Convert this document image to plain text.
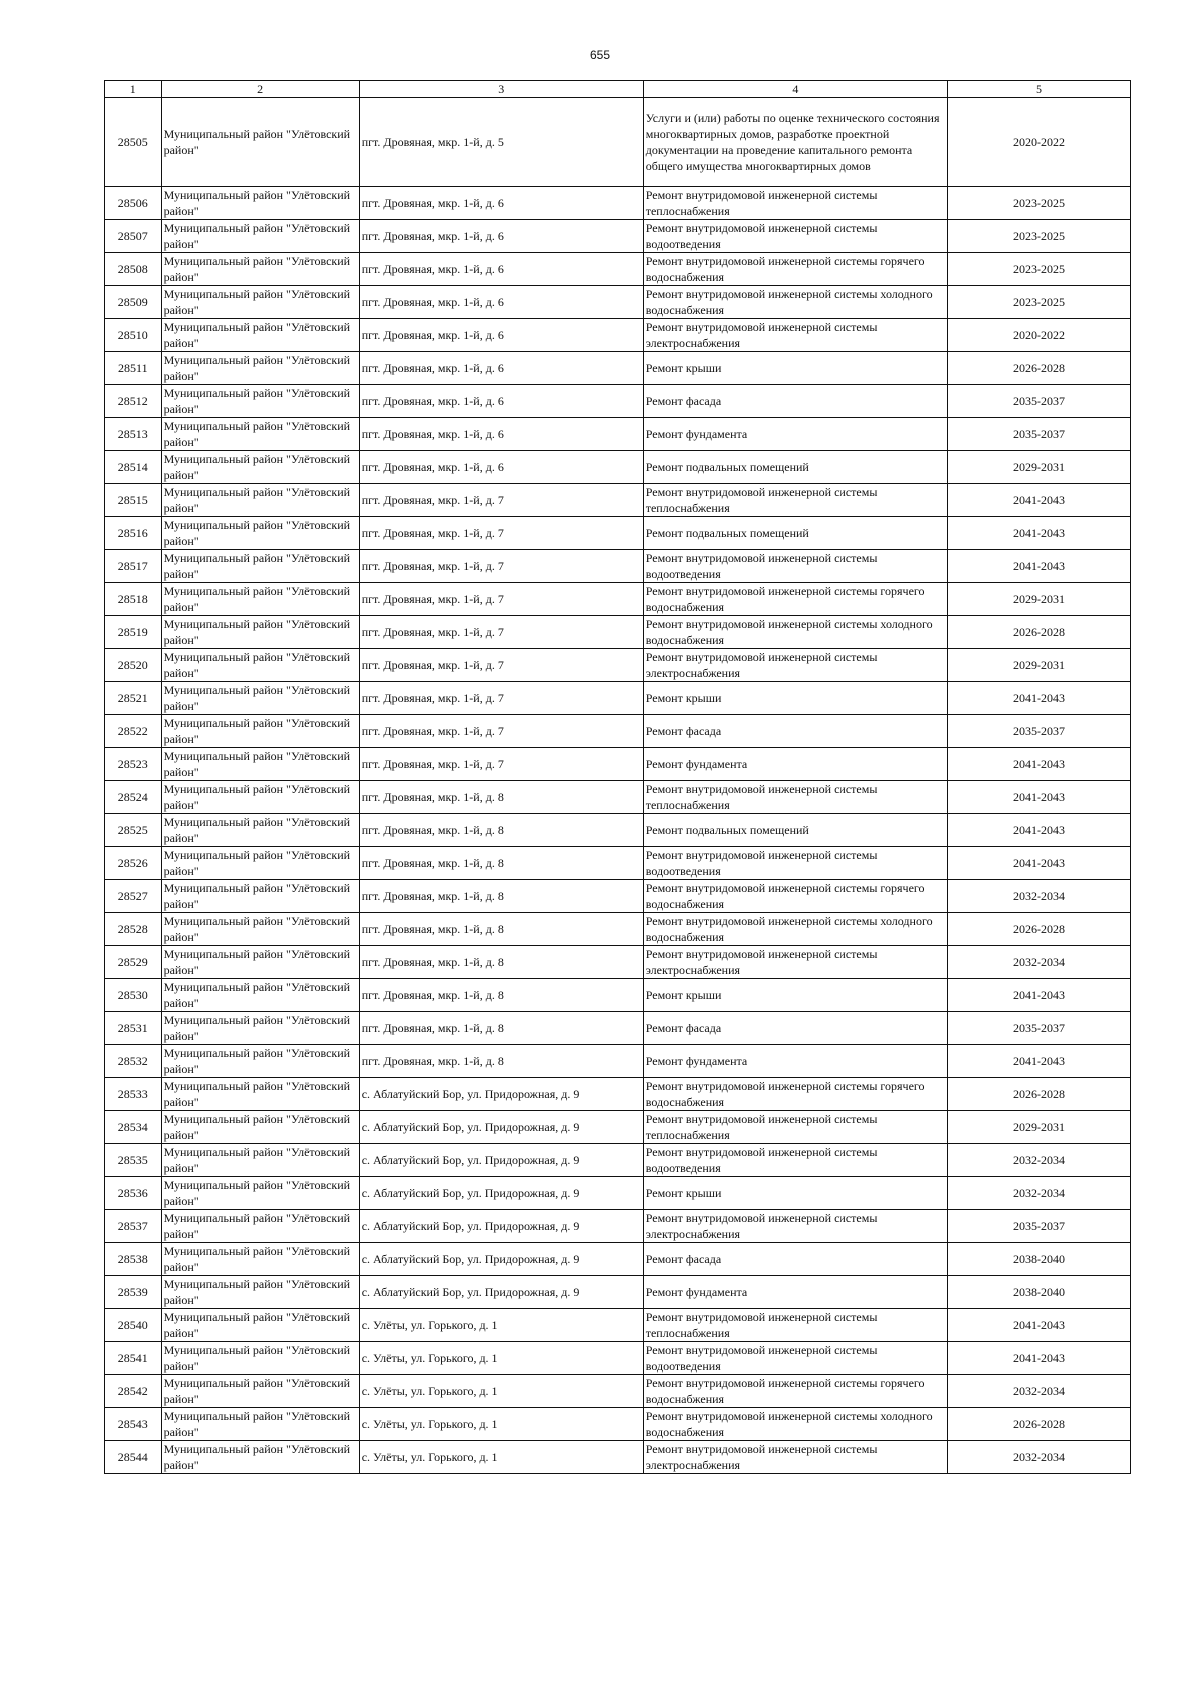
655
1	2	3	4	5
28505	Муниципальный район "Улётовский район"	пгт. Дровяная, мкр. 1-й, д. 5	Услуги и (или) работы по оценке технического состояния многоквартирных домов, разработке проектной документации на проведение капитального ремонта общего имущества многоквартирных домов	2020-2022
28506	Муниципальный район "Улётовский район"	пгт. Дровяная, мкр. 1-й, д. 6	Ремонт внутридомовой инженерной системы теплоснабжения	2023-2025
28507	Муниципальный район "Улётовский район"	пгт. Дровяная, мкр. 1-й, д. 6	Ремонт внутридомовой инженерной системы водоотведения	2023-2025
28508	Муниципальный район "Улётовский район"	пгт. Дровяная, мкр. 1-й, д. 6	Ремонт внутридомовой инженерной системы горячего водоснабжения	2023-2025
28509	Муниципальный район "Улётовский район"	пгт. Дровяная, мкр. 1-й, д. 6	Ремонт внутридомовой инженерной системы холодного водоснабжения	2023-2025
28510	Муниципальный район "Улётовский район"	пгт. Дровяная, мкр. 1-й, д. 6	Ремонт внутридомовой инженерной системы электроснабжения	2020-2022
28511	Муниципальный район "Улётовский район"	пгт. Дровяная, мкр. 1-й, д. 6	Ремонт крыши	2026-2028
28512	Муниципальный район "Улётовский район"	пгт. Дровяная, мкр. 1-й, д. 6	Ремонт фасада	2035-2037
28513	Муниципальный район "Улётовский район"	пгт. Дровяная, мкр. 1-й, д. 6	Ремонт фундамента	2035-2037
28514	Муниципальный район "Улётовский район"	пгт. Дровяная, мкр. 1-й, д. 6	Ремонт подвальных помещений	2029-2031
28515	Муниципальный район "Улётовский район"	пгт. Дровяная, мкр. 1-й, д. 7	Ремонт внутридомовой инженерной системы теплоснабжения	2041-2043
28516	Муниципальный район "Улётовский район"	пгт. Дровяная, мкр. 1-й, д. 7	Ремонт подвальных помещений	2041-2043
28517	Муниципальный район "Улётовский район"	пгт. Дровяная, мкр. 1-й, д. 7	Ремонт внутридомовой инженерной системы водоотведения	2041-2043
28518	Муниципальный район "Улётовский район"	пгт. Дровяная, мкр. 1-й, д. 7	Ремонт внутридомовой инженерной системы горячего водоснабжения	2029-2031
28519	Муниципальный район "Улётовский район"	пгт. Дровяная, мкр. 1-й, д. 7	Ремонт внутридомовой инженерной системы холодного водоснабжения	2026-2028
28520	Муниципальный район "Улётовский район"	пгт. Дровяная, мкр. 1-й, д. 7	Ремонт внутридомовой инженерной системы электроснабжения	2029-2031
28521	Муниципальный район "Улётовский район"	пгт. Дровяная, мкр. 1-й, д. 7	Ремонт крыши	2041-2043
28522	Муниципальный район "Улётовский район"	пгт. Дровяная, мкр. 1-й, д. 7	Ремонт фасада	2035-2037
28523	Муниципальный район "Улётовский район"	пгт. Дровяная, мкр. 1-й, д. 7	Ремонт фундамента	2041-2043
28524	Муниципальный район "Улётовский район"	пгт. Дровяная, мкр. 1-й, д. 8	Ремонт внутридомовой инженерной системы теплоснабжения	2041-2043
28525	Муниципальный район "Улётовский район"	пгт. Дровяная, мкр. 1-й, д. 8	Ремонт подвальных помещений	2041-2043
28526	Муниципальный район "Улётовский район"	пгт. Дровяная, мкр. 1-й, д. 8	Ремонт внутридомовой инженерной системы водоотведения	2041-2043
28527	Муниципальный район "Улётовский район"	пгт. Дровяная, мкр. 1-й, д. 8	Ремонт внутридомовой инженерной системы горячего водоснабжения	2032-2034
28528	Муниципальный район "Улётовский район"	пгт. Дровяная, мкр. 1-й, д. 8	Ремонт внутридомовой инженерной системы холодного водоснабжения	2026-2028
28529	Муниципальный район "Улётовский район"	пгт. Дровяная, мкр. 1-й, д. 8	Ремонт внутридомовой инженерной системы электроснабжения	2032-2034
28530	Муниципальный район "Улётовский район"	пгт. Дровяная, мкр. 1-й, д. 8	Ремонт крыши	2041-2043
28531	Муниципальный район "Улётовский район"	пгт. Дровяная, мкр. 1-й, д. 8	Ремонт фасада	2035-2037
28532	Муниципальный район "Улётовский район"	пгт. Дровяная, мкр. 1-й, д. 8	Ремонт фундамента	2041-2043
28533	Муниципальный район "Улётовский район"	с. Аблатуйский Бор, ул. Придорожная, д. 9	Ремонт внутридомовой инженерной системы горячего водоснабжения	2026-2028
28534	Муниципальный район "Улётовский район"	с. Аблатуйский Бор, ул. Придорожная, д. 9	Ремонт внутридомовой инженерной системы теплоснабжения	2029-2031
28535	Муниципальный район "Улётовский район"	с. Аблатуйский Бор, ул. Придорожная, д. 9	Ремонт внутридомовой инженерной системы водоотведения	2032-2034
28536	Муниципальный район "Улётовский район"	с. Аблатуйский Бор, ул. Придорожная, д. 9	Ремонт крыши	2032-2034
28537	Муниципальный район "Улётовский район"	с. Аблатуйский Бор, ул. Придорожная, д. 9	Ремонт внутридомовой инженерной системы электроснабжения	2035-2037
28538	Муниципальный район "Улётовский район"	с. Аблатуйский Бор, ул. Придорожная, д. 9	Ремонт фасада	2038-2040
28539	Муниципальный район "Улётовский район"	с. Аблатуйский Бор, ул. Придорожная, д. 9	Ремонт фундамента	2038-2040
28540	Муниципальный район "Улётовский район"	с. Улёты, ул. Горького, д. 1	Ремонт внутридомовой инженерной системы теплоснабжения	2041-2043
28541	Муниципальный район "Улётовский район"	с. Улёты, ул. Горького, д. 1	Ремонт внутридомовой инженерной системы водоотведения	2041-2043
28542	Муниципальный район "Улётовский район"	с. Улёты, ул. Горького, д. 1	Ремонт внутридомовой инженерной системы горячего водоснабжения	2032-2034
28543	Муниципальный район "Улётовский район"	с. Улёты, ул. Горького, д. 1	Ремонт внутридомовой инженерной системы холодного водоснабжения	2026-2028
28544	Муниципальный район "Улётовский район"	с. Улёты, ул. Горького, д. 1	Ремонт внутридомовой инженерной системы электроснабжения	2032-2034
